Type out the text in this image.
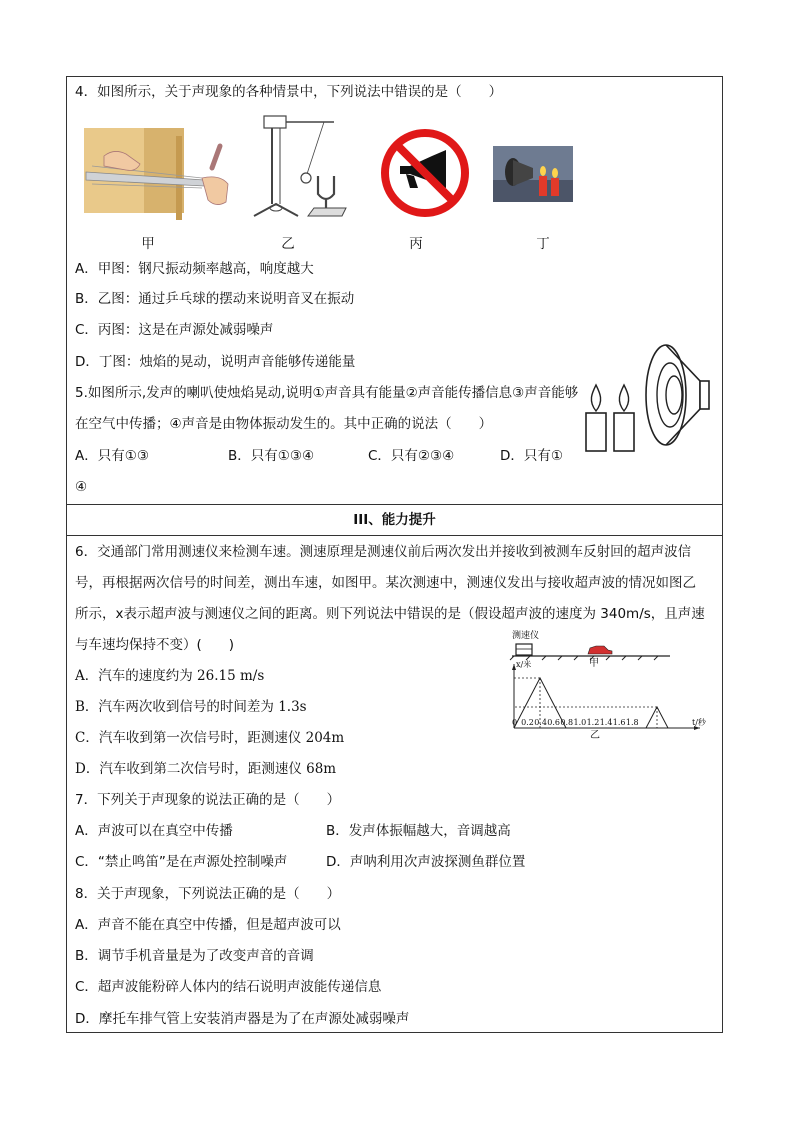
4．如图所示，关于声现象的各种情景中，下列说法中错误的是（　　）
甲	乙	丙	丁
A．甲图：钢尺振动频率越高，响度越大
B．乙图：通过乒乓球的摆动来说明音叉在振动
C．丙图：这是在声源处减弱噪声
D．丁图：烛焰的晃动，说明声音能够传递能量
5.如图所示,发声的喇叭使烛焰晃动,说明①声音具有能量②声音能传播信息③声音能够
在空气中传播；④声音是由物体振动发生的。其中正确的说法（　　）
A．只有①③	B．只有①③④	C．只有②③④	D．只有①
④
III、能力提升
6．交通部门常用测速仪来检测车速。测速原理是测速仪前后两次发出并接收到被测车反射回的超声波信
号，再根据两次信号的时间差，测出车速，如图甲。某次测速中，测速仪发出与接收超声波的情况如图乙
所示，x表示超声波与测速仪之间的距离。则下列说法中错误的是（假设超声波的速度为 340m/s，且声速
与车速均保持不变）(　　)
A．汽车的速度约为 26.15 m/s
B．汽车两次收到信号的时间差为 1.3s
C．汽车收到第一次信号时，距测速仪 204m
D．汽车收到第二次信号时，距测速仪 68m
测速仪
甲
x/米
t/秒
0 0.2 0.4 0.6 0.8 1.0 1.2 1.4 1.6 1.8
乙
7．下列关于声现象的说法正确的是（　　）
A．声波可以在真空中传播	B．发声体振幅越大，音调越高
C．“禁止鸣笛”是在声源处控制噪声	D．声呐利用次声波探测鱼群位置
8．关于声现象，下列说法正确的是（　　）
A．声音不能在真空中传播，但是超声波可以
B．调节手机音量是为了改变声音的音调
C．超声波能粉碎人体内的结石说明声波能传递信息
D．摩托车排气管上安装消声器是为了在声源处减弱噪声
